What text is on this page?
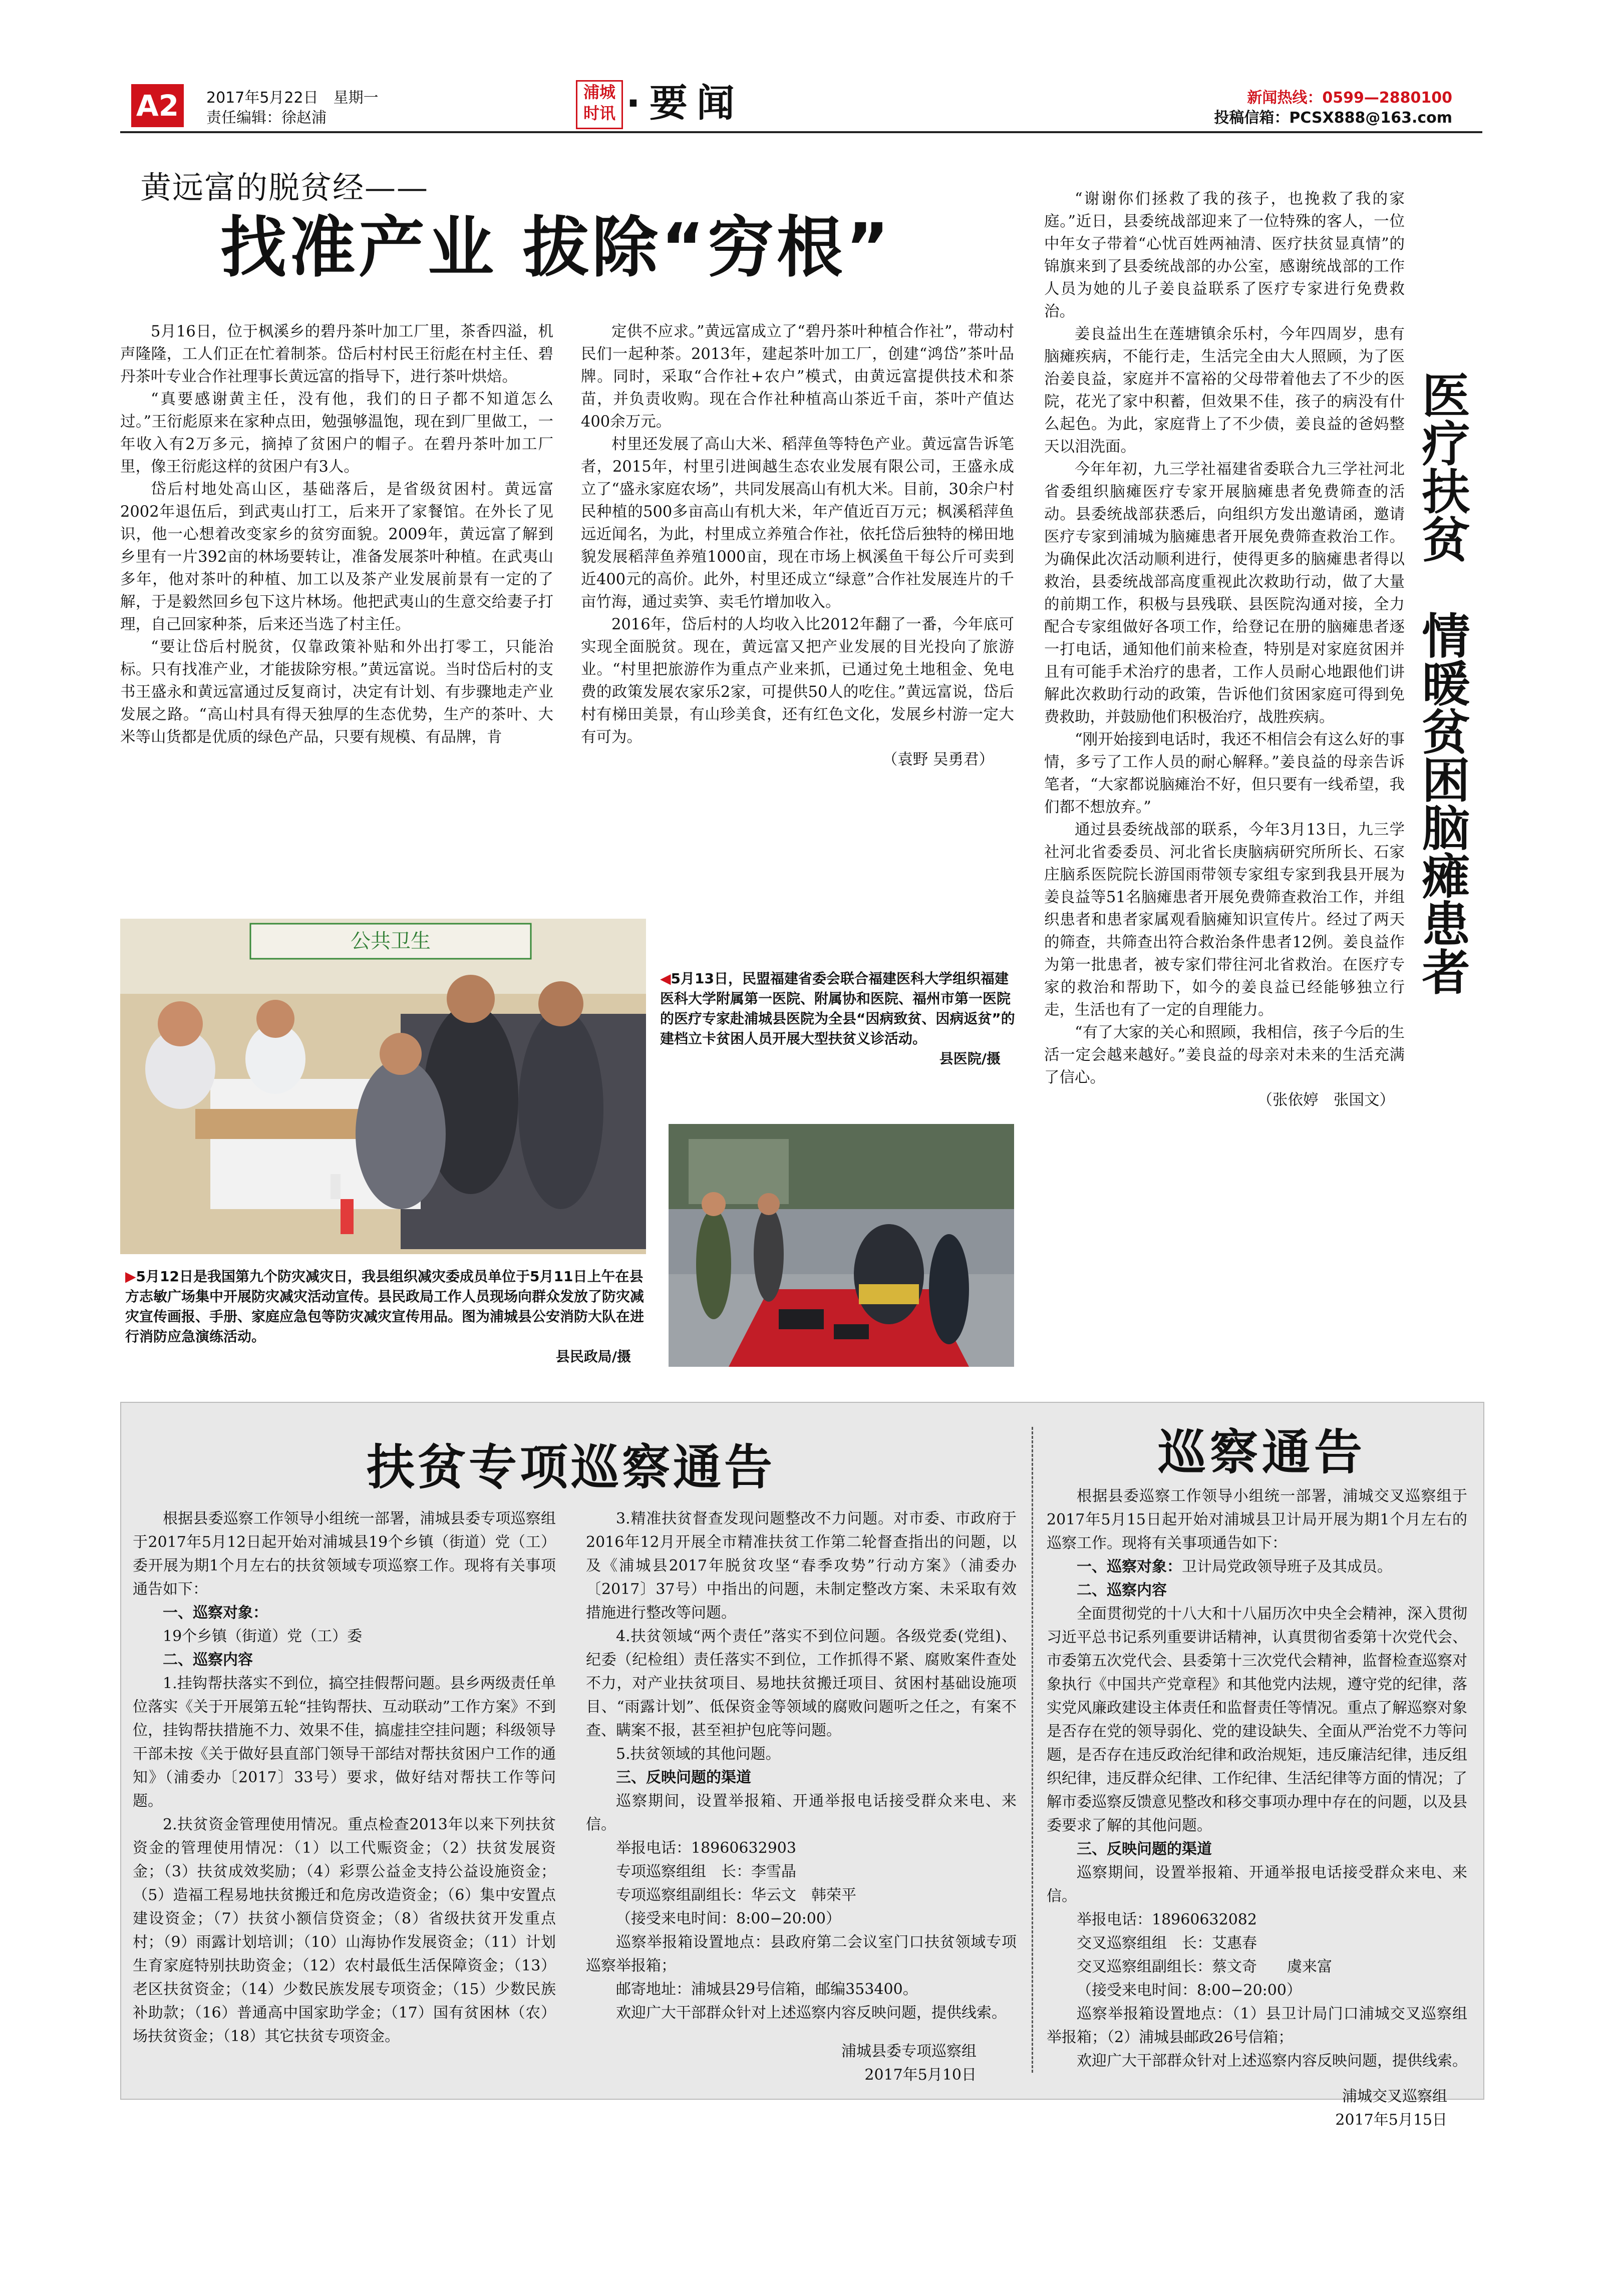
A2	2017年5月22日　星期一
责任编辑：徐赵浦
浦城
时讯 ·要闻	新闻热线：0599—2880100
投稿信箱：PCSX888@163.com
黄远富的脱贫经——
找准产业 拔除“穷根”

5月16日，位于枫溪乡的碧丹茶叶加工厂里，茶香四溢，机声隆隆，工人们正在忙着制茶。岱后村村民王衍彪在村主任、碧丹茶叶专业合作社理事长黄远富的指导下，进行茶叶烘焙。

“真要感谢黄主任，没有他，我们的日子都不知道怎么过。”王衍彪原来在家种点田，勉强够温饱，现在到厂里做工，一年收入有2万多元，摘掉了贫困户的帽子。在碧丹茶叶加工厂里，像王衍彪这样的贫困户有3人。

岱后村地处高山区，基础落后，是省级贫困村。黄远富2002年退伍后，到武夷山打工，后来开了家餐馆。在外长了见识，他一心想着改变家乡的贫穷面貌。2009年，黄远富了解到乡里有一片392亩的林场要转让，准备发展茶叶种植。在武夷山多年，他对茶叶的种植、加工以及茶产业发展前景有一定的了解，于是毅然回乡包下这片林场。他把武夷山的生意交给妻子打理，自己回家种茶，后来还当选了村主任。

“要让岱后村脱贫，仅靠政策补贴和外出打零工，只能治标。只有找准产业，才能拔除穷根。”黄远富说。当时岱后村的支书王盛永和黄远富通过反复商讨，决定有计划、有步骤地走产业发展之路。“高山村具有得天独厚的生态优势，生产的茶叶、大米等山货都是优质的绿色产品，只要有规模、有品牌，肯

定供不应求。”黄远富成立了“碧丹茶叶种植合作社”，带动村民们一起种茶。2013年，建起茶叶加工厂，创建“鸿岱”茶叶品牌。同时，采取“合作社+农户”模式，由黄远富提供技术和茶苗，并负责收购。现在合作社种植高山茶近千亩，茶叶产值达400余万元。

村里还发展了高山大米、稻萍鱼等特色产业。黄远富告诉笔者，2015年，村里引进闽越生态农业发展有限公司，王盛永成立了“盛永家庭农场”，共同发展高山有机大米。目前，30余户村民种植的500多亩高山有机大米，年产值近百万元；枫溪稻萍鱼远近闻名，为此，村里成立养殖合作社，依托岱后独特的梯田地貌发展稻萍鱼养殖1000亩，现在市场上枫溪鱼干每公斤可卖到近400元的高价。此外，村里还成立“绿意”合作社发展连片的千亩竹海，通过卖笋、卖毛竹增加收入。

2016年，岱后村的人均收入比2012年翻了一番，今年底可实现全面脱贫。现在，黄远富又把产业发展的目光投向了旅游业。“村里把旅游作为重点产业来抓，已通过免土地租金、免电费的政策发展农家乐2家，可提供50人的吃住。”黄远富说，岱后村有梯田美景，有山珍美食，还有红色文化，发展乡村游一定大有可为。

（袁野 吴勇君）
公共卫生
◀5月13日，民盟福建省委会联合福建医科大学组织福建医科大学附属第一医院、附属协和医院、福州市第一医院的医疗专家赴浦城县医院为全县“因病致贫、因病返贫”的建档立卡贫困人员开展大型扶贫义诊活动。
县医院/摄
▶5月12日是我国第九个防灾减灾日，我县组织减灾委成员单位于5月11日上午在县方志敏广场集中开展防灾减灾活动宣传。县民政局工作人员现场向群众发放了防灾减灾宣传画报、手册、家庭应急包等防灾减灾宣传用品。图为浦城县公安消防大队在进行消防应急演练活动。
县民政局/摄

“谢谢你们拯救了我的孩子，也挽救了我的家庭。”近日，县委统战部迎来了一位特殊的客人，一位中年女子带着“心忧百姓两袖清、医疗扶贫显真情”的锦旗来到了县委统战部的办公室，感谢统战部的工作人员为她的儿子姜良益联系了医疗专家进行免费救治。

姜良益出生在莲塘镇余乐村，今年四周岁，患有脑瘫疾病，不能行走，生活完全由大人照顾，为了医治姜良益，家庭并不富裕的父母带着他去了不少的医院，花光了家中积蓄，但效果不佳，孩子的病没有什么起色。为此，家庭背上了不少债，姜良益的爸妈整天以泪洗面。

今年年初，九三学社福建省委联合九三学社河北省委组织脑瘫医疗专家开展脑瘫患者免费筛查的活动。县委统战部获悉后，向组织方发出邀请函，邀请医疗专家到浦城为脑瘫患者开展免费筛查救治工作。为确保此次活动顺利进行，使得更多的脑瘫患者得以救治，县委统战部高度重视此次救助行动，做了大量的前期工作，积极与县残联、县医院沟通对接，全力配合专家组做好各项工作，给登记在册的脑瘫患者逐一打电话，通知他们前来检查，特别是对家庭贫困并且有可能手术治疗的患者，工作人员耐心地跟他们讲解此次救助行动的政策，告诉他们贫困家庭可得到免费救助，并鼓励他们积极治疗，战胜疾病。

“刚开始接到电话时，我还不相信会有这么好的事情，多亏了工作人员的耐心解释。”姜良益的母亲告诉笔者，“大家都说脑瘫治不好，但只要有一线希望，我们都不想放弃。”

通过县委统战部的联系，今年3月13日，九三学社河北省委委员、河北省长庚脑病研究所所长、石家庄脑系医院院长游国雨带领专家组专家到我县开展为姜良益等51名脑瘫患者开展免费筛查救治工作，并组织患者和患者家属观看脑瘫知识宣传片。经过了两天的筛查，共筛查出符合救治条件患者12例。姜良益作为第一批患者，被专家们带往河北省救治。在医疗专家的救治和帮助下，如今的姜良益已经能够独立行走，生活也有了一定的自理能力。

“有了大家的关心和照顾，我相信，孩子今后的生活一定会越来越好。”姜良益的母亲对未来的生活充满了信心。

（张依婷　张国文）
医疗扶贫　情暖贫困脑瘫患者
扶贫专项巡察通告

根据县委巡察工作领导小组统一部署，浦城县委专项巡察组于2017年5月12日起开始对浦城县19个乡镇（街道）党（工）委开展为期1个月左右的扶贫领域专项巡察工作。现将有关事项通告如下：

一、巡察对象：

19个乡镇（街道）党（工）委

二、巡察内容

1.挂钩帮扶落实不到位，搞空挂假帮问题。县乡两级责任单位落实《关于开展第五轮“挂钩帮扶、互动联动”工作方案》不到位，挂钩帮扶措施不力、效果不佳，搞虚挂空挂问题；科级领导干部未按《关于做好县直部门领导干部结对帮扶贫困户工作的通知》（浦委办〔2017〕33号）要求，做好结对帮扶工作等问题。

2.扶贫资金管理使用情况。重点检查2013年以来下列扶贫资金的管理使用情况：（1）以工代赈资金；（2）扶贫发展资金；（3）扶贫成效奖励；（4）彩票公益金支持公益设施资金；（5）造福工程易地扶贫搬迁和危房改造资金；（6）集中安置点建设资金；（7）扶贫小额信贷资金；（8）省级扶贫开发重点村；（9）雨露计划培训；（10）山海协作发展资金；（11）计划生育家庭特别扶助资金；（12）农村最低生活保障资金；（13）老区扶贫资金；（14）少数民族发展专项资金；（15）少数民族补助款；（16）普通高中国家助学金；（17）国有贫困林（农）场扶贫资金；（18）其它扶贫专项资金。

3.精准扶贫督查发现问题整改不力问题。对市委、市政府于2016年12月开展全市精准扶贫工作第二轮督查指出的问题，以及《浦城县2017年脱贫攻坚“春季攻势”行动方案》（浦委办〔2017〕37号）中指出的问题，未制定整改方案、未采取有效措施进行整改等问题。

4.扶贫领域“两个责任”落实不到位问题。各级党委(党组)、纪委（纪检组）责任落实不到位，工作抓得不紧、腐败案件查处不力，对产业扶贫项目、易地扶贫搬迁项目、贫困村基础设施项目、“雨露计划”、低保资金等领域的腐败问题听之任之，有案不查、瞒案不报，甚至袒护包庇等问题。

5.扶贫领域的其他问题。

三、反映问题的渠道

巡察期间，设置举报箱、开通举报电话接受群众来电、来信。

举报电话：18960632903

专项巡察组组　长：李雪晶

专项巡察组副组长：华云文　韩荣平

（接受来电时间：8:00−20:00）

巡察举报箱设置地点：县政府第二会议室门口扶贫领域专项巡察举报箱；

邮寄地址：浦城县29号信箱，邮编353400。

欢迎广大干部群众针对上述巡察内容反映问题，提供线索。

浦城县委专项巡察组
2017年5月10日
巡察通告

根据县委巡察工作领导小组统一部署，浦城交叉巡察组于2017年5月15日起开始对浦城县卫计局开展为期1个月左右的巡察工作。现将有关事项通告如下：

一、巡察对象：卫计局党政领导班子及其成员。
二、巡察内容

全面贯彻党的十八大和十八届历次中央全会精神，深入贯彻习近平总书记系列重要讲话精神，认真贯彻省委第十次党代会、市委第五次党代会、县委第十三次党代会精神，监督检查巡察对象执行《中国共产党章程》和其他党内法规，遵守党的纪律，落实党风廉政建设主体责任和监督责任等情况。重点了解巡察对象是否存在党的领导弱化、党的建设缺失、全面从严治党不力等问题，是否存在违反政治纪律和政治规矩，违反廉洁纪律，违反组织纪律，违反群众纪律、工作纪律、生活纪律等方面的情况；了解市委巡察反馈意见整改和移交事项办理中存在的问题，以及县委要求了解的其他问题。

三、反映问题的渠道

巡察期间，设置举报箱、开通举报电话接受群众来电、来信。

举报电话：18960632082

交叉巡察组组　长：艾惠春

交叉巡察组副组长：蔡文奇　　虞来富

（接受来电时间：8:00−20:00）

巡察举报箱设置地点：（1）县卫计局门口浦城交叉巡察组举报箱；（2）浦城县邮政26号信箱；

欢迎广大干部群众针对上述巡察内容反映问题，提供线索。

浦城交叉巡察组
2017年5月15日
